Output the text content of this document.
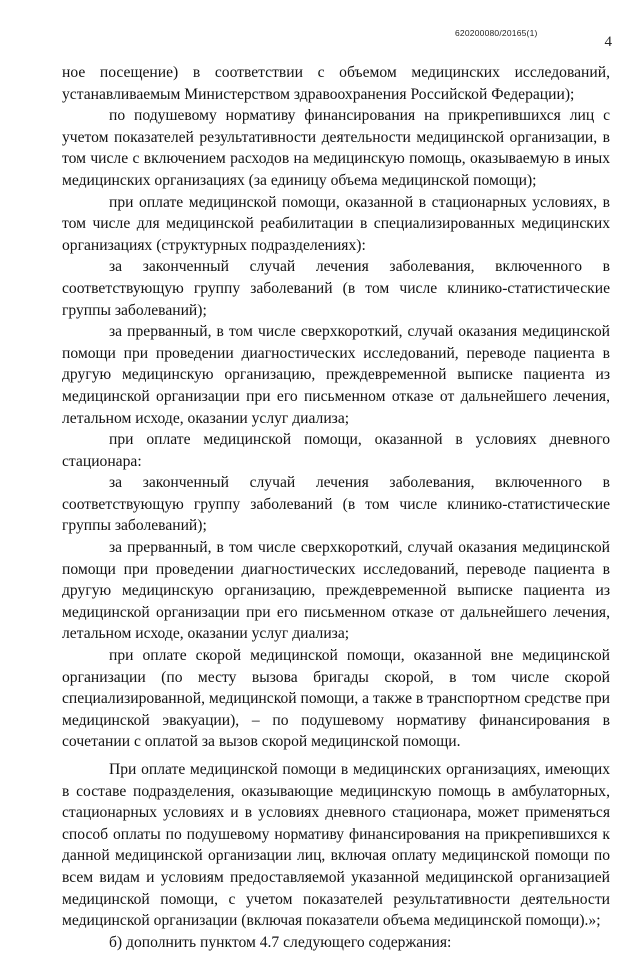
620200080/20165(1)
4

ное посещение) в соответствии с объемом медицинских исследований, устанавливаемым Министерством здравоохранения Российской Федерации);

по подушевому нормативу финансирования на прикрепившихся лиц с учетом показателей результативности деятельности медицинской организации, в том числе с включением расходов на медицинскую помощь, оказываемую в иных медицинских организациях (за единицу объема медицинской помощи);

при оплате медицинской помощи, оказанной в стационарных условиях, в том числе для медицинской реабилитации в специализированных медицинских организациях (структурных подразделениях):

за законченный случай лечения заболевания, включенного в соответствующую группу заболеваний (в том числе клинико-статистические группы заболеваний);

за прерванный, в том числе сверхкороткий, случай оказания медицинской помощи при проведении диагностических исследований, переводе пациента в другую медицинскую организацию, преждевременной выписке пациента из медицинской организации при его письменном отказе от дальнейшего лечения, летальном исходе, оказании услуг диализа;

при оплате медицинской помощи, оказанной в условиях дневного стационара:

за законченный случай лечения заболевания, включенного в соответствующую группу заболеваний (в том числе клинико-статистические группы заболеваний);

за прерванный, в том числе сверхкороткий, случай оказания медицинской помощи при проведении диагностических исследований, переводе пациента в другую медицинскую организацию, преждевременной выписке пациента из медицинской организации при его письменном отказе от дальнейшего лечения, летальном исходе, оказании услуг диализа;

при оплате скорой медицинской помощи, оказанной вне медицинской организации (по месту вызова бригады скорой, в том числе скорой специализированной, медицинской помощи, а также в транспортном средстве при медицинской эвакуации), – по подушевому нормативу финансирования в сочетании с оплатой за вызов скорой медицинской помощи.

При оплате медицинской помощи в медицинских организациях, имеющих в составе подразделения, оказывающие медицинскую помощь в амбулаторных, стационарных условиях и в условиях дневного стационара, может применяться способ оплаты по подушевому нормативу финансирования на прикрепившихся к данной медицинской организации лиц, включая оплату медицинской помощи по всем видам и условиям предоставляемой указанной медицинской организацией медицинской помощи, с учетом показателей результативности деятельности медицинской организации (включая показатели объема медицинской помощи).»;

б) дополнить пунктом 4.7 следующего содержания:
